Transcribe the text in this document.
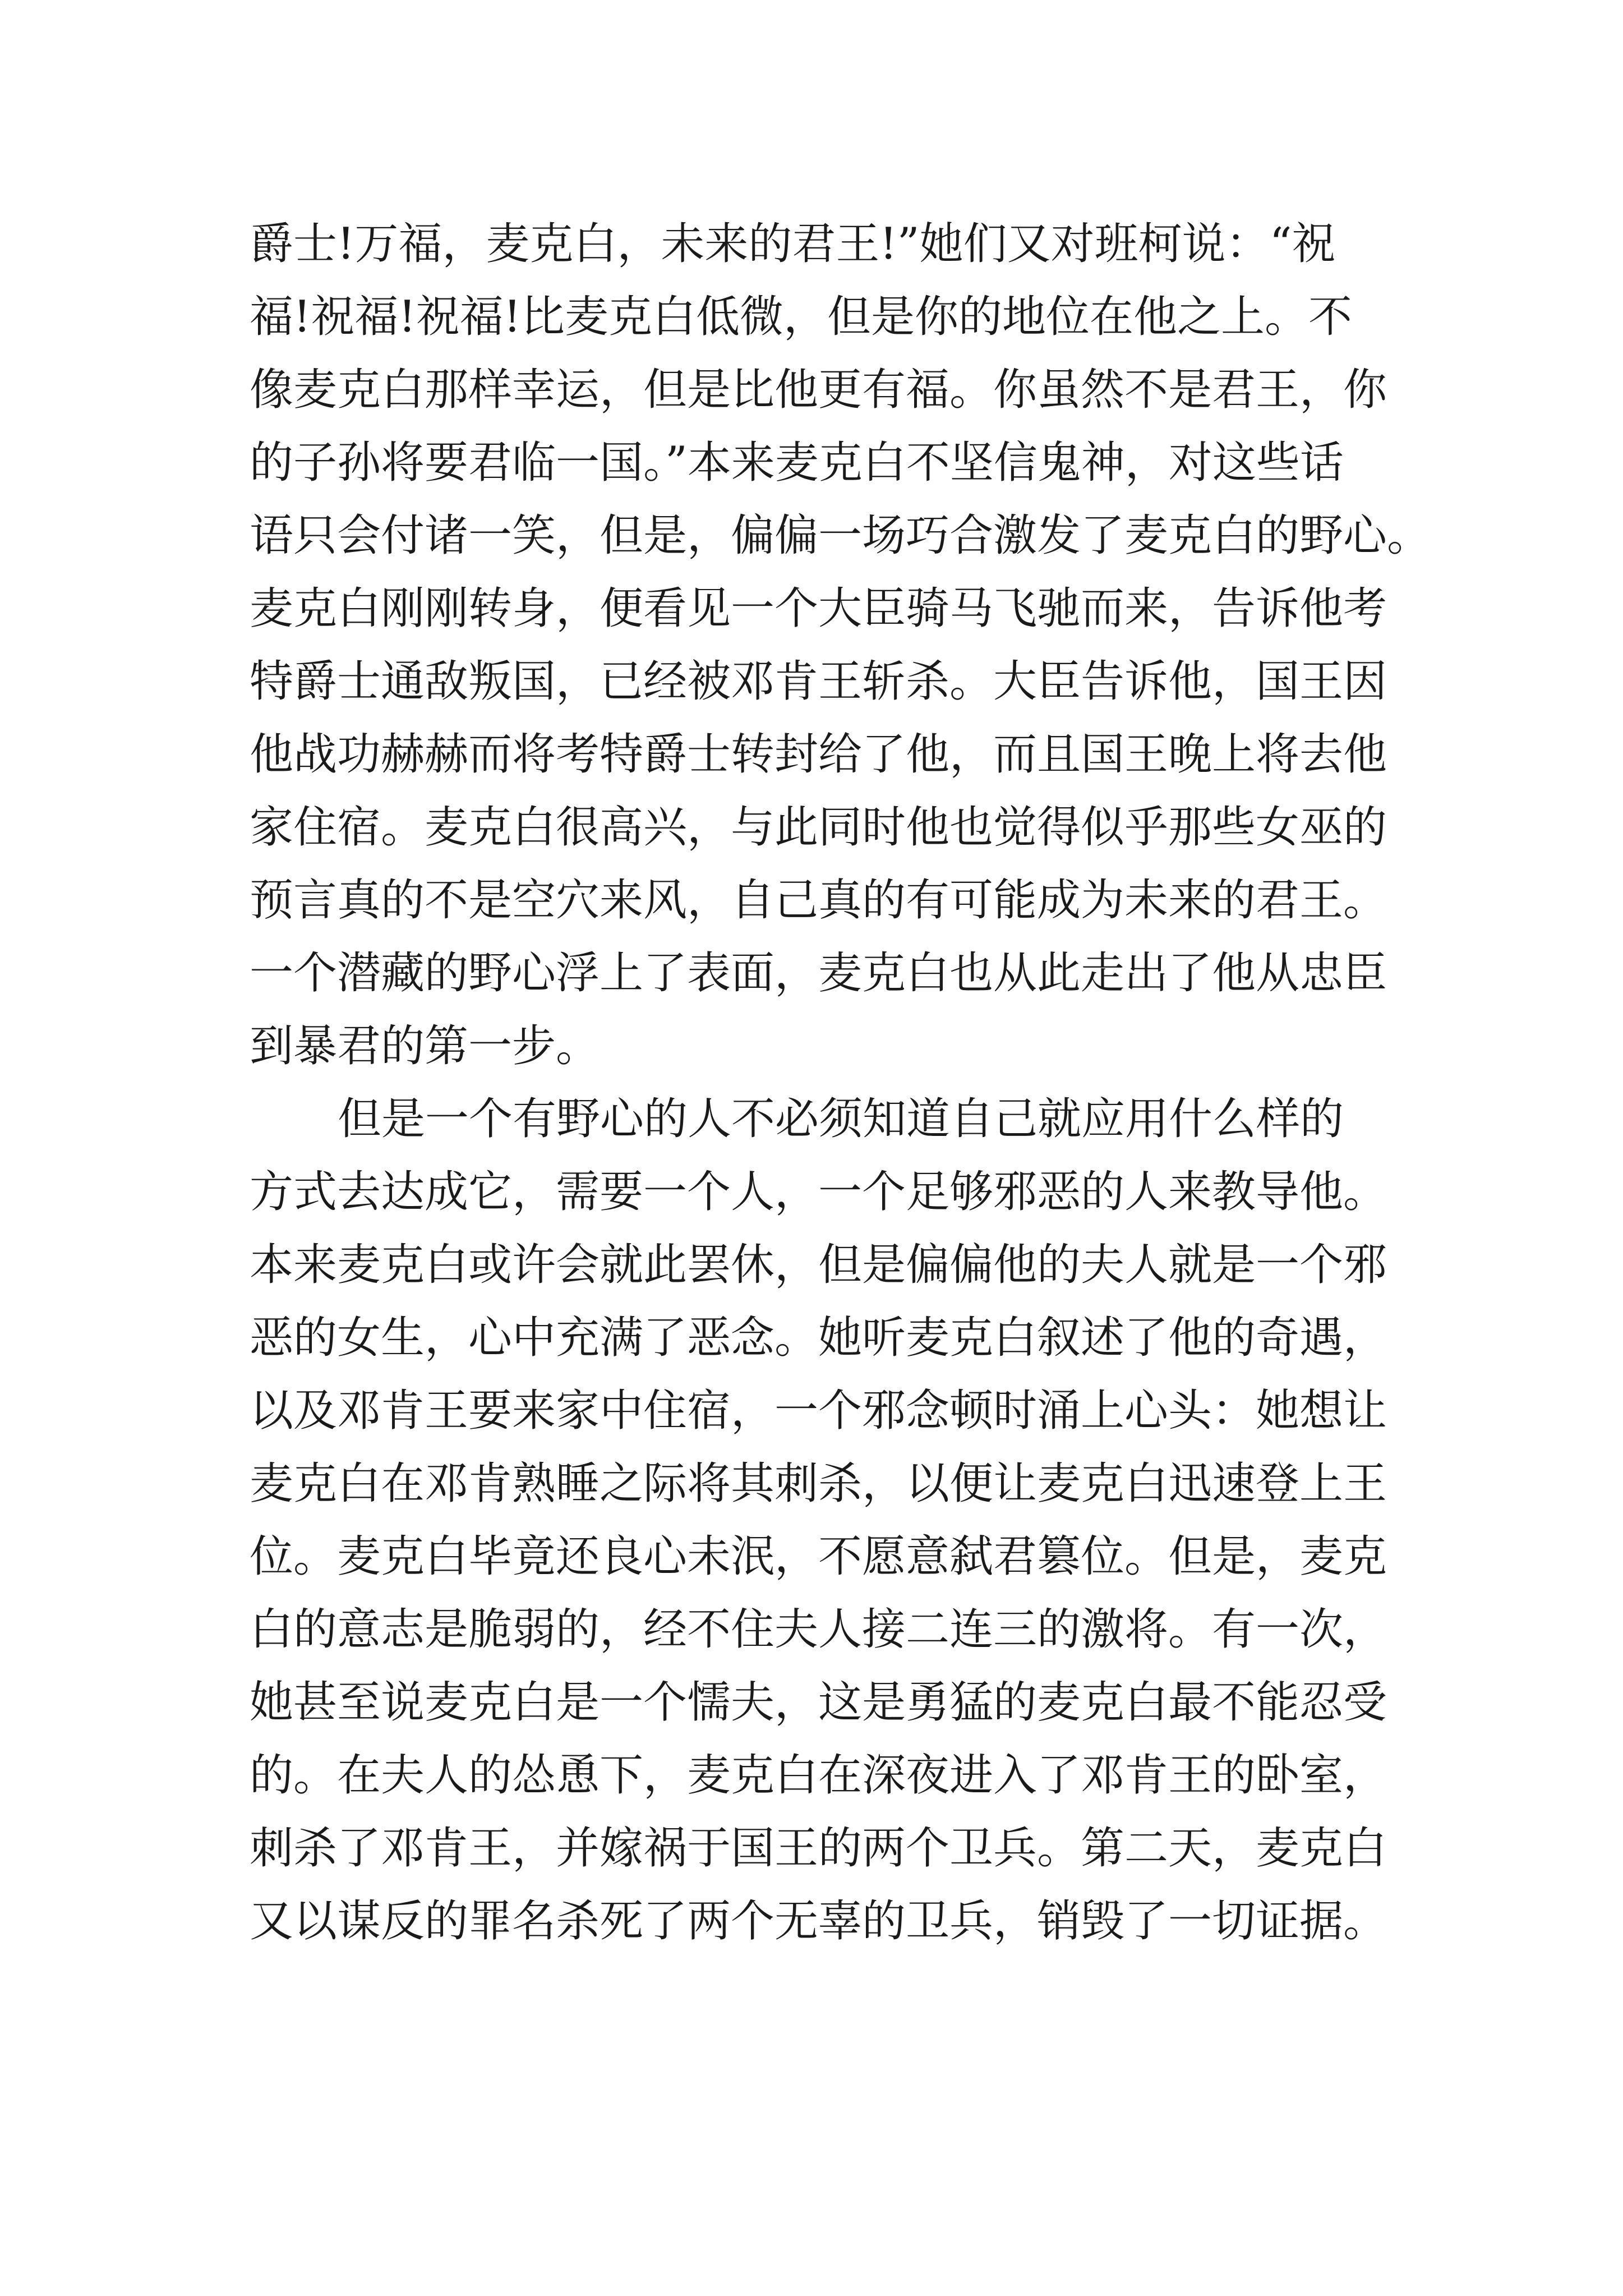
爵士!万福，麦克白，未来的君王!”她们又对班柯说：“祝
福!祝福!祝福!比麦克白低微，但是你的地位在他之上。不
像麦克白那样幸运，但是比他更有福。你虽然不是君王，你
的子孙将要君临一国。”本来麦克白不坚信鬼神，对这些话
语只会付诸一笑，但是，偏偏一场巧合激发了麦克白的野心。
麦克白刚刚转身，便看见一个大臣骑马飞驰而来，告诉他考
特爵士通敌叛国，已经被邓肯王斩杀。大臣告诉他，国王因
他战功赫赫而将考特爵士转封给了他，而且国王晚上将去他
家住宿。麦克白很高兴，与此同时他也觉得似乎那些女巫的
预言真的不是空穴来风，自己真的有可能成为未来的君王。
一个潜藏的野心浮上了表面，麦克白也从此走出了他从忠臣
到暴君的第一步。
但是一个有野心的人不必须知道自己就应用什么样的
方式去达成它，需要一个人，一个足够邪恶的人来教导他。
本来麦克白或许会就此罢休，但是偏偏他的夫人就是一个邪
恶的女生，心中充满了恶念。她听麦克白叙述了他的奇遇，
以及邓肯王要来家中住宿，一个邪念顿时涌上心头：她想让
麦克白在邓肯熟睡之际将其刺杀，以便让麦克白迅速登上王
位。麦克白毕竟还良心未泯，不愿意弑君篡位。但是，麦克
白的意志是脆弱的，经不住夫人接二连三的激将。有一次，
她甚至说麦克白是一个懦夫，这是勇猛的麦克白最不能忍受
的。在夫人的怂恿下，麦克白在深夜进入了邓肯王的卧室，
刺杀了邓肯王，并嫁祸于国王的两个卫兵。第二天，麦克白
又以谋反的罪名杀死了两个无辜的卫兵，销毁了一切证据。
